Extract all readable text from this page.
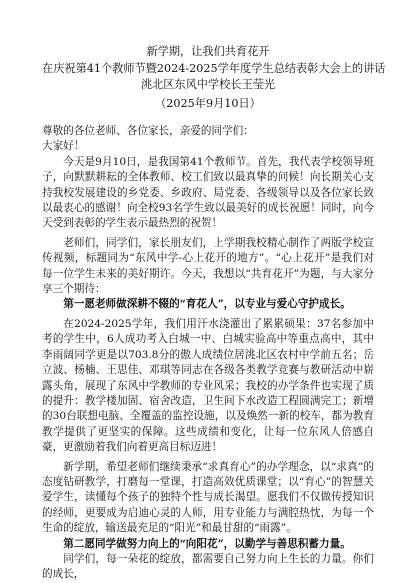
新学期，让我们共育花开
在庆祝第41个教师节暨2024-2025学年度学生总结表彰大会上的讲话
洮北区东风中学校长王莹光
（2025年9月10日）

尊敬的各位老师、各位家长，亲爱的同学们：

大家好！

今天是9月10日，是我国第41个教师节。首先，我代表学校领导班子，向默默耕耘的全体教师、校工们致以最真挚的问候！向长期关心支持我校发展建设的乡党委、乡政府、局党委、各级领导以及各位家长致以最衷心的感谢！向全校93名学生致以最美好的成长祝愿！同时，向今天受到表彰的学生表示最热烈的祝贺！

老师们，同学们，家长朋友们，上学期我校精心制作了两版学校宣传视频，标题同为“东风中学-心上花开的地方”。“心上花开”是我们对每一位学生未来的美好期许。今天，我想以“共育花开”为题，与大家分享三个期待：

第一愿老师做深耕不辍的“育花人”，以专业与爱心守护成长。

在2024-2025学年，我们用汗水浇灌出了累累硕果：37名参加中考的学生中，6人成功考入白城一中、白城实验高中等重点高中，其中李雨阔同学更是以703.8分的傲人成绩位居洮北区农村中学前五名；岳立波、杨楠、王思佳、邓琪等同志在各级各类教学竞赛与教研活动中崭露头角，展现了东风中学教师的专业风采；我校的办学条件也实现了质的提升：教学楼加固、宿舍改造，卫生间下水改造工程圆满完工；新增的30台联想电脑、全覆盖的监控设施，以及焕然一新的校车，都为教育教学提供了更坚实的保障。这些成绩和变化，让每一位东风人倍感自豪，更激励着我们向着更高目标迈进！

新学期，希望老师们继续秉承“求真育心”的办学理念，以“求真”的态度钻研教学，打磨每一堂课，打造高效优质课堂；以“育心”的智慧关爱学生，读懂每个孩子的独特个性与成长渴望。愿我们不仅做传授知识的经师，更要成为启迪心灵的人师，用专业能力与满腔热忱，为每一个生命的绽放，输送最充足的“阳光”和最甘甜的“雨露”。

第二愿同学做努力向上的“向阳花”，以勤学与善思积蓄力量。

同学们，每一朵花的绽放，都需要自己努力向上生长的力量。你们的成长，
